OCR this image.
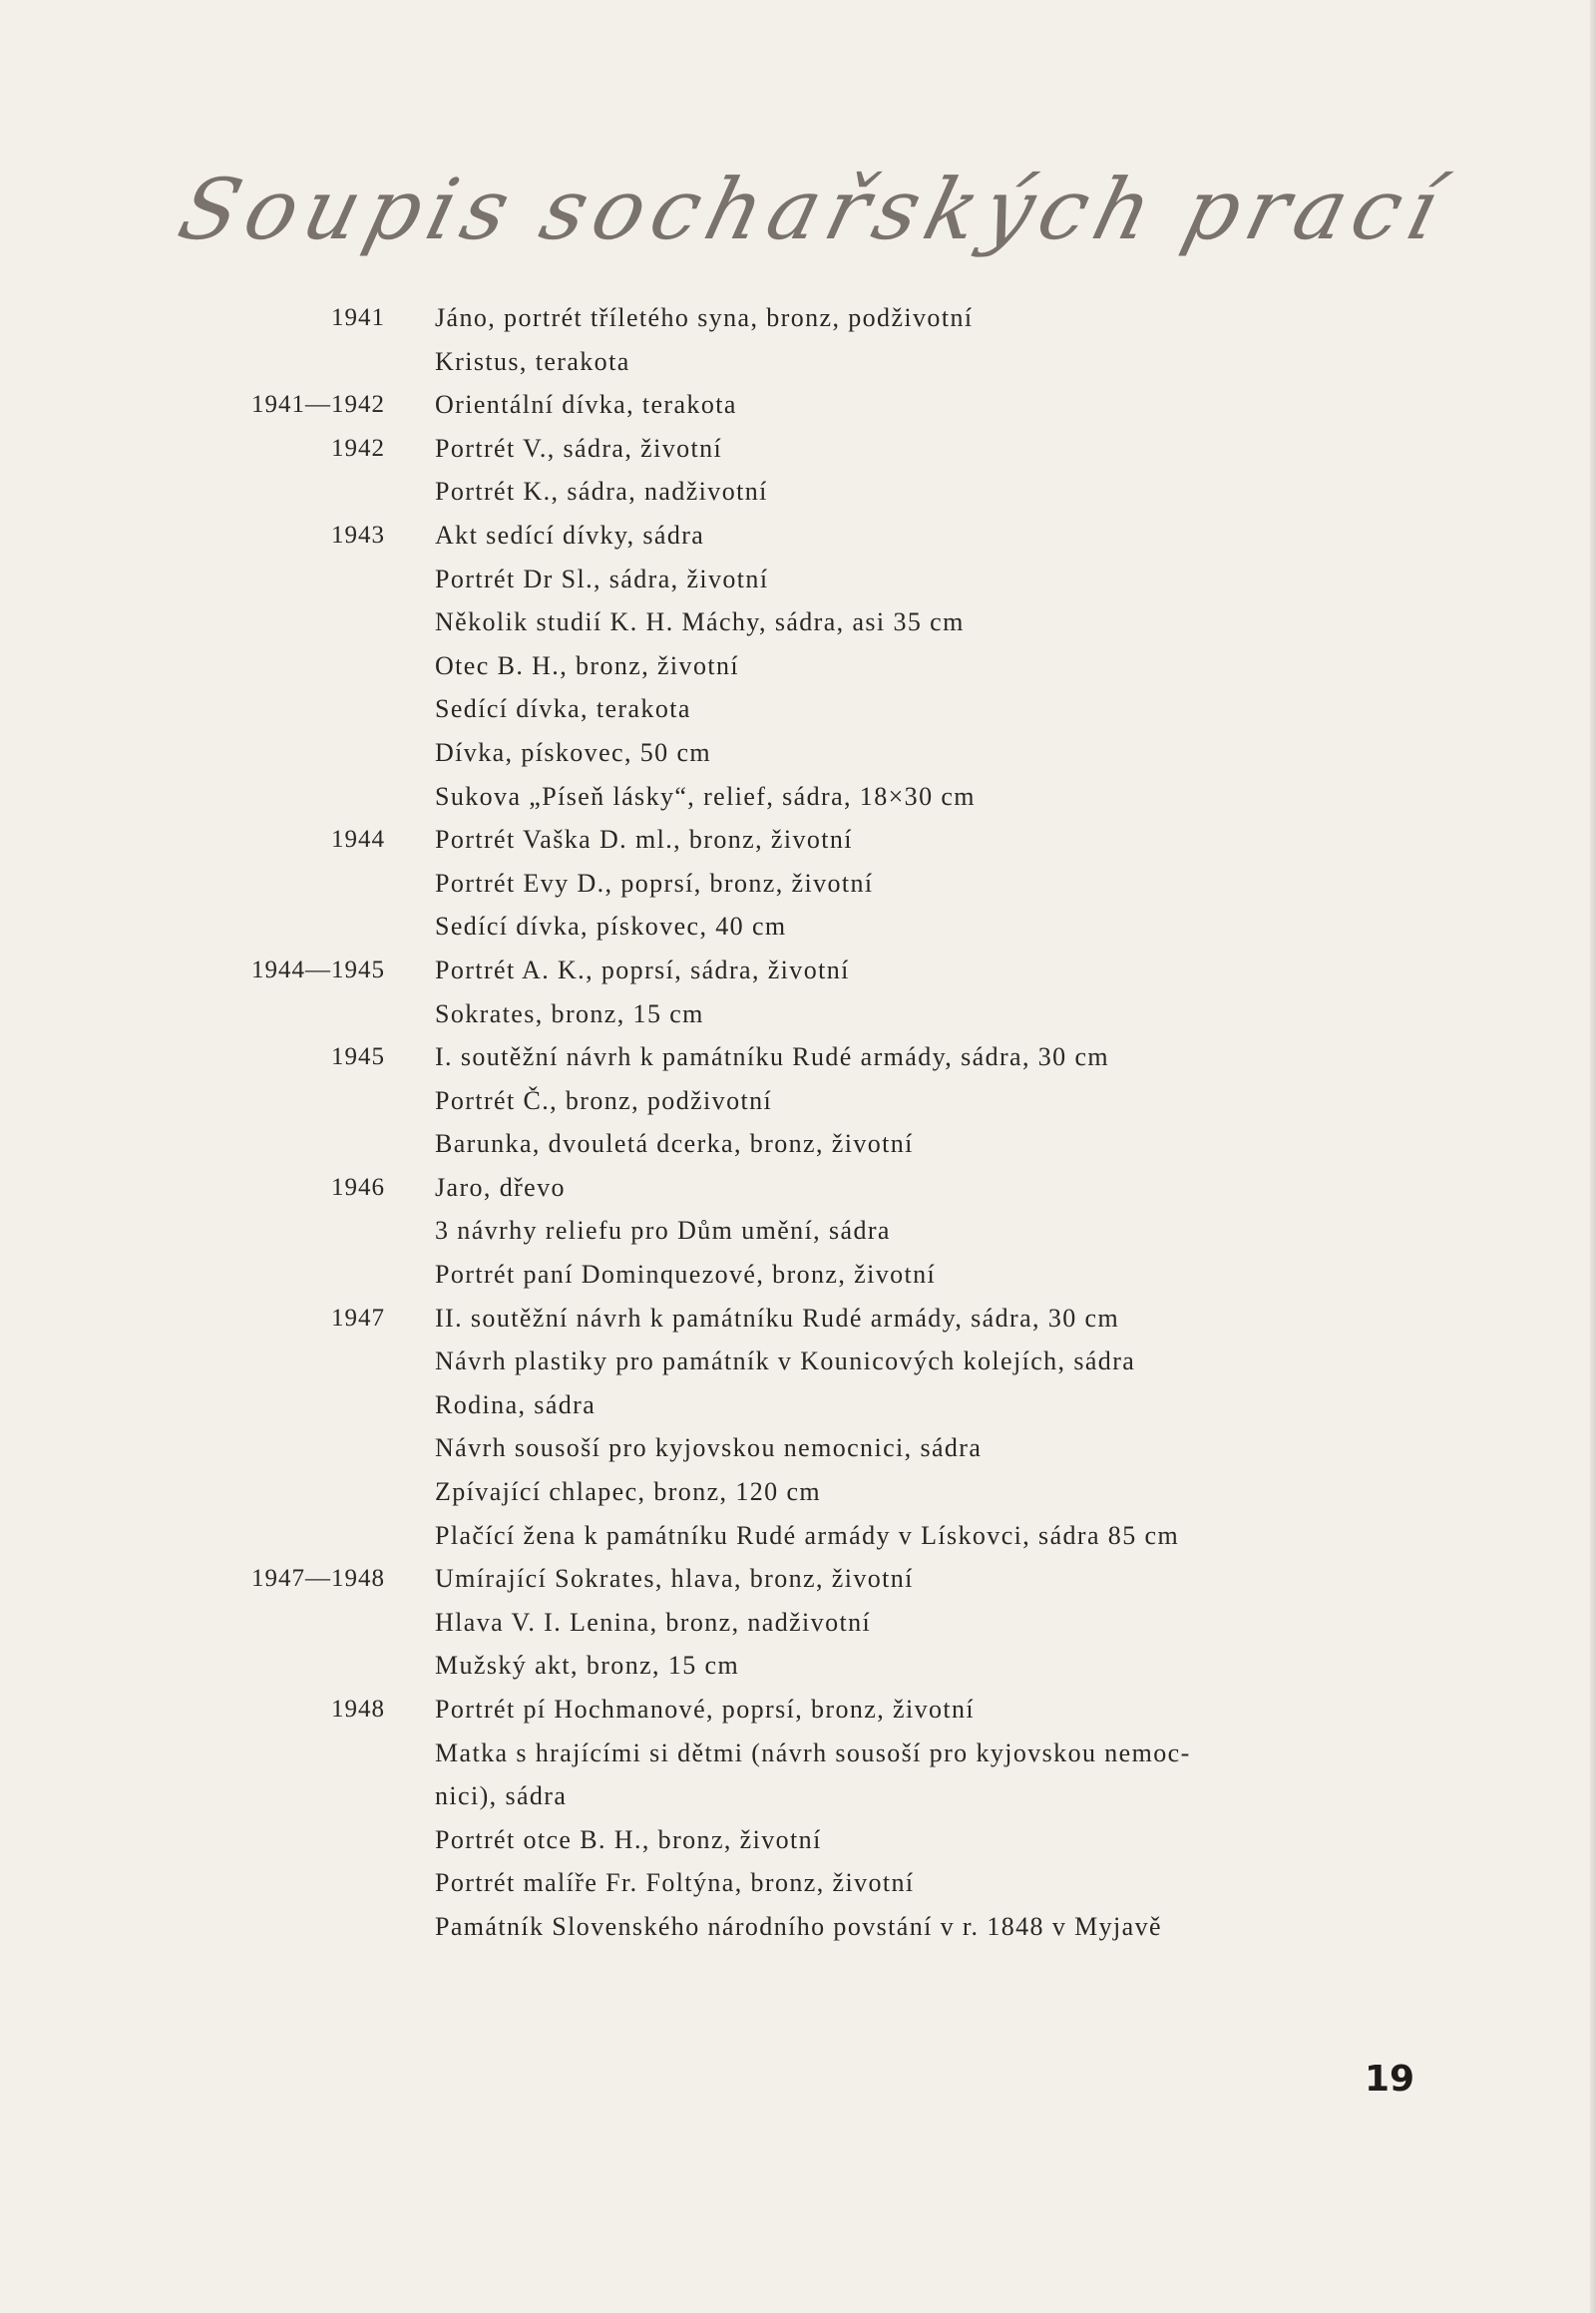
Soupis sochařských prací
1941 Jáno, portrét tříletého syna, bronz, podživotní
Kristus, terakota
1941—1942 Orientální dívka, terakota
1942 Portrét V., sádra, životní
Portrét K., sádra, nadživotní
1943 Akt sedící dívky, sádra
Portrét Dr Sl., sádra, životní
Několik studií K. H. Máchy, sádra, asi 35 cm
Otec B. H., bronz, životní
Sedící dívka, terakota
Dívka, pískovec, 50 cm
Sukova „Píseň lásky“, relief, sádra, 18×30 cm
1944 Portrét Vaška D. ml., bronz, životní
Portrét Evy D., poprsí, bronz, životní
Sedící dívka, pískovec, 40 cm
1944—1945 Portrét A. K., poprsí, sádra, životní
Sokrates, bronz, 15 cm
1945 I. soutěžní návrh k památníku Rudé armády, sádra, 30 cm
Portrét Č., bronz, podživotní
Barunka, dvouletá dcerka, bronz, životní
1946 Jaro, dřevo
3 návrhy reliefu pro Dům umění, sádra
Portrét paní Dominquezové, bronz, životní
1947 II. soutěžní návrh k památníku Rudé armády, sádra, 30 cm
Návrh plastiky pro památník v Kounicových kolejích, sádra
Rodina, sádra
Návrh sousoší pro kyjovskou nemocnici, sádra
Zpívající chlapec, bronz, 120 cm
Plačící žena k památníku Rudé armády v Lískovci, sádra 85 cm
1947—1948 Umírající Sokrates, hlava, bronz, životní
Hlava V. I. Lenina, bronz, nadživotní
Mužský akt, bronz, 15 cm
1948 Portrét pí Hochmanové, poprsí, bronz, životní
Matka s hrajícími si dětmi (návrh sousoší pro kyjovskou nemoc-
nici), sádra
Portrét otce B. H., bronz, životní
Portrét malíře Fr. Foltýna, bronz, životní
Památník Slovenského národního povstání v r. 1848 v Myjavě
19
